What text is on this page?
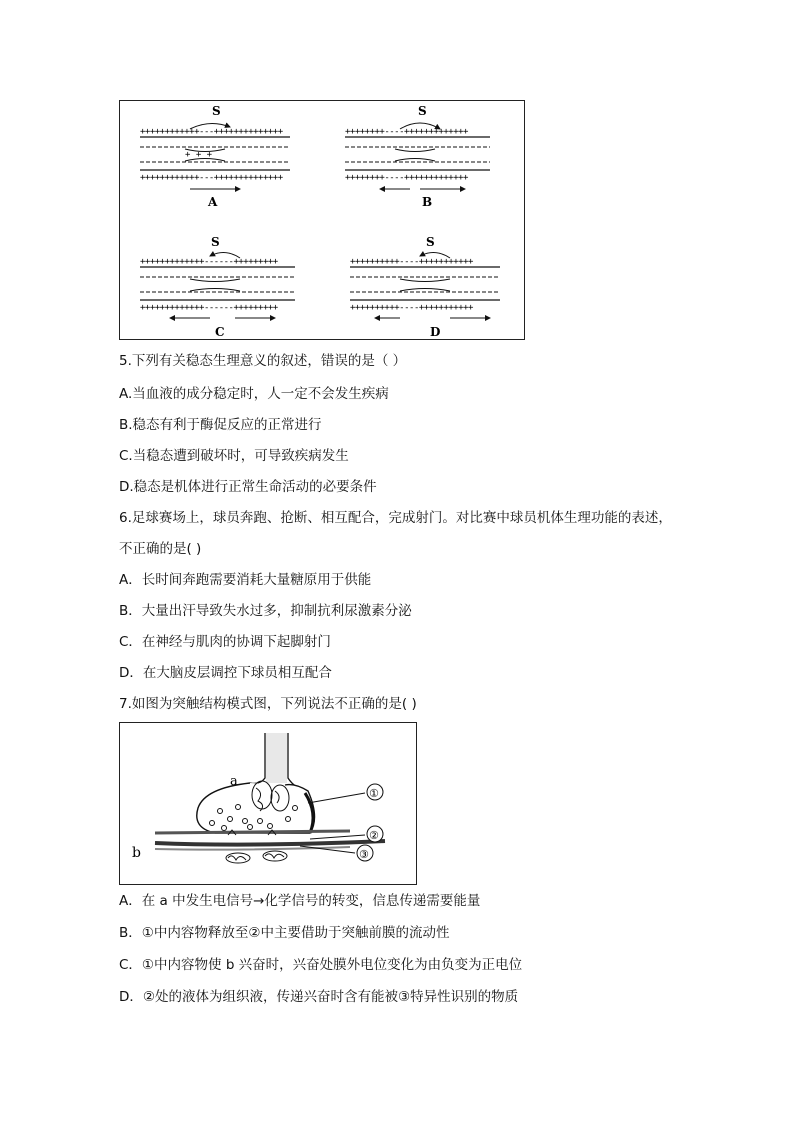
S
++++++++++++---++++++++++++++
+ + +
++++++++++++---++++++++++++++
A
S
++++++++----+++++++++++++
++++++++----+++++++++++++
B
S
+++++++++++++------+++++++++
+++++++++++++------+++++++++
C
S
++++++++++----+++++++++++
++++++++++----+++++++++++
D
5.下列有关稳态生理意义的叙述，错误的是（ ）
A.当血液的成分稳定时，人一定不会发生疾病
B.稳态有利于酶促反应的正常进行
C.当稳态遭到破坏时，可导致疾病发生
D.稳态是机体进行正常生命活动的必要条件
6.足球赛场上，球员奔跑、抢断、相互配合，完成射门。对比赛中球员机体生理功能的表述，
不正确的是( )
A．长时间奔跑需要消耗大量糖原用于供能
B．大量出汗导致失水过多，抑制抗利尿激素分泌
C．在神经与肌肉的协调下起脚射门
D．在大脑皮层调控下球员相互配合
7.如图为突触结构模式图，下列说法不正确的是( )
a
b
①
②
③
A．在 a 中发生电信号→化学信号的转变，信息传递需要能量
B．①中内容物释放至②中主要借助于突触前膜的流动性
C．①中内容物使 b 兴奋时，兴奋处膜外电位变化为由负变为正电位
D．②处的液体为组织液，传递兴奋时含有能被③特异性识别的物质
